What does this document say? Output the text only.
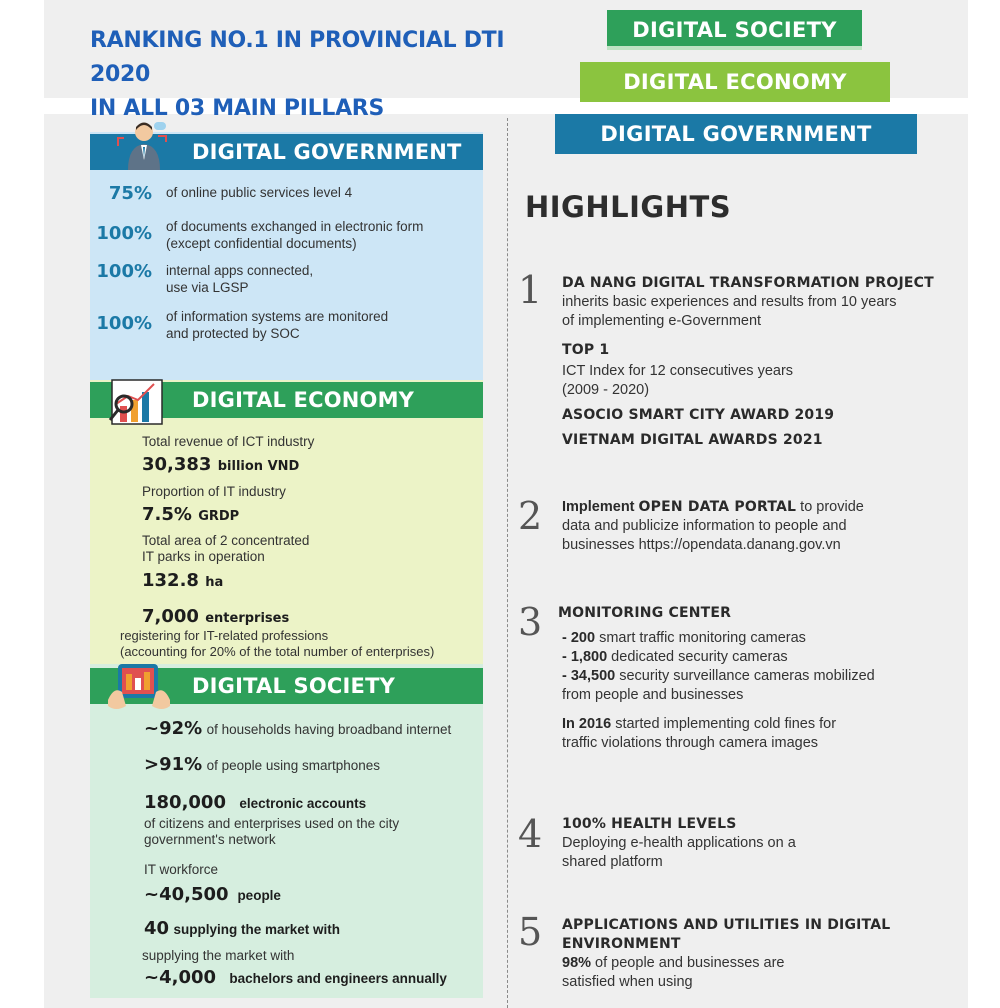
RANKING NO.1 IN PROVINCIAL DTI 2020
IN ALL 03 MAIN PILLARS
DIGITAL SOCIETY
DIGITAL ECONOMY
DIGITAL GOVERNMENT
DIGITAL GOVERNMENT
75% of online public services level 4
100% of documents exchanged in electronic form
(except confidential documents)
100% internal apps connected,
use via LGSP
100% of information systems are monitored
and protected by SOC
DIGITAL ECONOMY
Total revenue of ICT industry
30,383 billion VND
Proportion of IT industry
7.5% GRDP
Total area of 2 concentrated
IT parks in operation
132.8 ha
7,000 enterprises
registering for IT-related professions
(accounting for 20% of the total number of enterprises)
DIGITAL SOCIETY
~92% of households having broadband internet
>91% of people using smartphones
180,000 electronic accounts
of citizens and enterprises used on the city
government's network
IT workforce
~40,500 people
40 supplying the market with
supplying the market with
~4,000 bachelors and engineers annually
HIGHLIGHTS
1 DA NANG DIGITAL TRANSFORMATION PROJECT
inherits basic experiences and results from 10 years
of implementing e-Government
TOP 1
ICT Index for 12 consecutives years
(2009 - 2020)
ASOCIO SMART CITY AWARD 2019
VIETNAM DIGITAL AWARDS 2021
2 Implement OPEN DATA PORTAL to provide
data and publicize information to people and
businesses https://opendata.danang.gov.vn
3 MONITORING CENTER
- 200 smart traffic monitoring cameras
- 1,800 dedicated security cameras
- 34,500 security surveillance cameras mobilized
from people and businesses
In 2016 started implementing cold fines for
traffic violations through camera images
4 100% HEALTH LEVELS
Deploying e-health applications on a
shared platform
5 APPLICATIONS AND UTILITIES IN DIGITAL
ENVIRONMENT
98% of people and businesses are
satisfied when using
